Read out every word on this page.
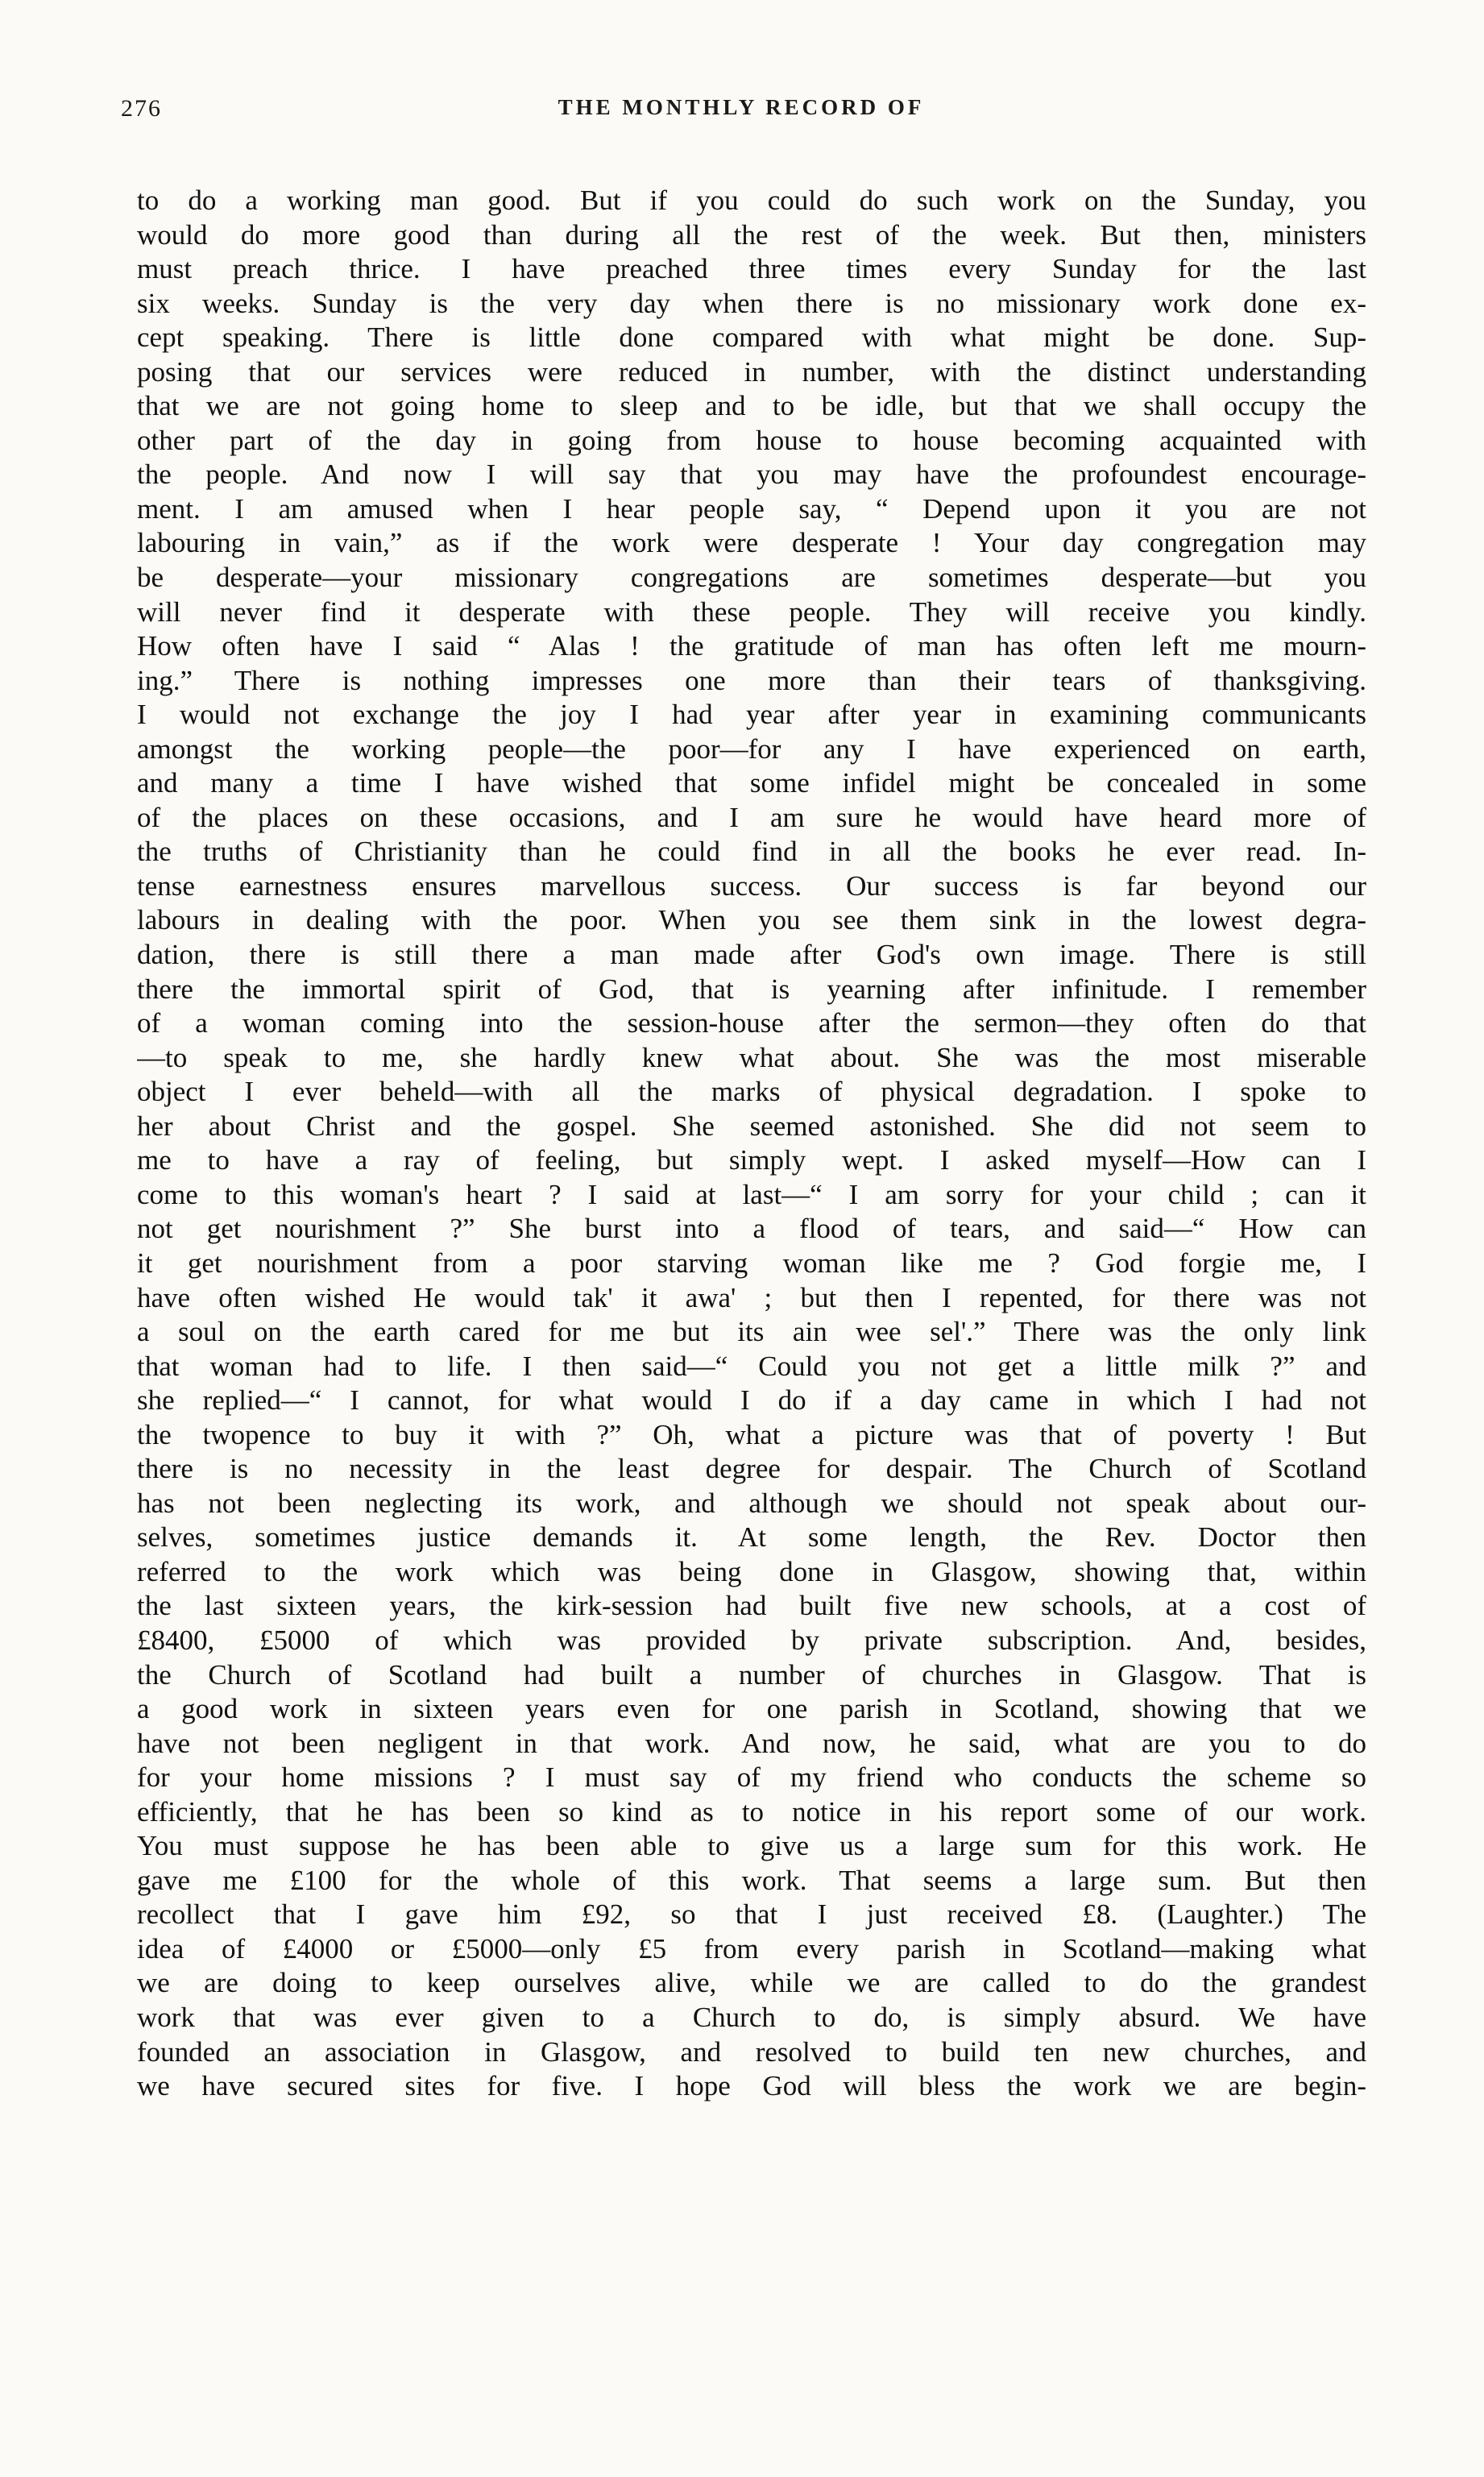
276	THE MONTHLY RECORD OF
to do a working man good. But if you could do such work on the Sunday, you
would do more good than during all the rest of the week. But then, ministers
must preach thrice. I have preached three times every Sunday for the last
six weeks. Sunday is the very day when there is no missionary work done ex-
cept speaking. There is little done compared with what might be done. Sup-
posing that our services were reduced in number, with the distinct understanding
that we are not going home to sleep and to be idle, but that we shall occupy the
other part of the day in going from house to house becoming acquainted with
the people. And now I will say that you may have the profoundest encourage-
ment. I am amused when I hear people say, “ Depend upon it you are not
labouring in vain,” as if the work were desperate ! Your day congregation may
be desperate—your missionary congregations are sometimes desperate—but you
will never find it desperate with these people. They will receive you kindly.
How often have I said “ Alas ! the gratitude of man has often left me mourn-
ing.” There is nothing impresses one more than their tears of thanksgiving.
I would not exchange the joy I had year after year in examining communicants
amongst the working people—the poor—for any I have experienced on earth,
and many a time I have wished that some infidel might be concealed in some
of the places on these occasions, and I am sure he would have heard more of
the truths of Christianity than he could find in all the books he ever read. In-
tense earnestness ensures marvellous success. Our success is far beyond our
labours in dealing with the poor. When you see them sink in the lowest degra-
dation, there is still there a man made after God's own image. There is still
there the immortal spirit of God, that is yearning after infinitude. I remember
of a woman coming into the session-house after the sermon—they often do that
—to speak to me, she hardly knew what about. She was the most miserable
object I ever beheld—with all the marks of physical degradation. I spoke to
her about Christ and the gospel. She seemed astonished. She did not seem to
me to have a ray of feeling, but simply wept. I asked myself—How can I
come to this woman's heart ? I said at last—“ I am sorry for your child ; can it
not get nourishment ?” She burst into a flood of tears, and said—“ How can
it get nourishment from a poor starving woman like me ? God forgie me, I
have often wished He would tak' it awa' ; but then I repented, for there was not
a soul on the earth cared for me but its ain wee sel'.” There was the only link
that woman had to life. I then said—“ Could you not get a little milk ?” and
she replied—“ I cannot, for what would I do if a day came in which I had not
the twopence to buy it with ?” Oh, what a picture was that of poverty ! But
there is no necessity in the least degree for despair. The Church of Scotland
has not been neglecting its work, and although we should not speak about our-
selves, sometimes justice demands it. At some length, the Rev. Doctor then
referred to the work which was being done in Glasgow, showing that, within
the last sixteen years, the kirk-session had built five new schools, at a cost of
£8400, £5000 of which was provided by private subscription. And, besides,
the Church of Scotland had built a number of churches in Glasgow. That is
a good work in sixteen years even for one parish in Scotland, showing that we
have not been negligent in that work. And now, he said, what are you to do
for your home missions ? I must say of my friend who conducts the scheme so
efficiently, that he has been so kind as to notice in his report some of our work.
You must suppose he has been able to give us a large sum for this work. He
gave me £100 for the whole of this work. That seems a large sum. But then
recollect that I gave him £92, so that I just received £8. (Laughter.) The
idea of £4000 or £5000—only £5 from every parish in Scotland—making what
we are doing to keep ourselves alive, while we are called to do the grandest
work that was ever given to a Church to do, is simply absurd. We have
founded an association in Glasgow, and resolved to build ten new churches, and
we have secured sites for five. I hope God will bless the work we are begin-
